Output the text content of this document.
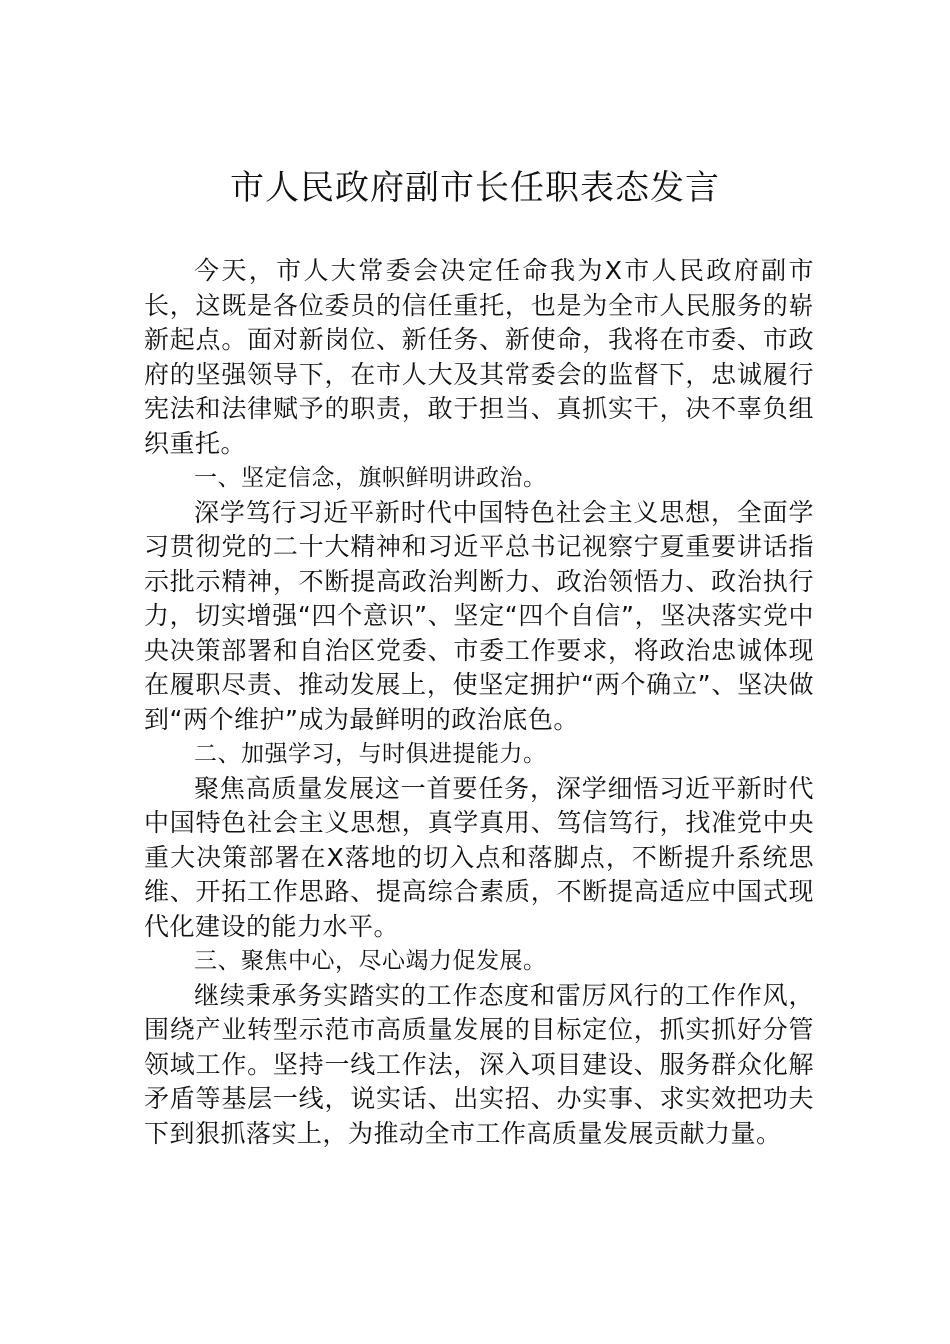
市人民政府副市长任职表态发言

今天，市人大常委会决定任命我为X市人民政府副市长，这既是各位委员的信任重托，也是为全市人民服务的崭新起点。面对新岗位、新任务、新使命，我将在市委、市政府的坚强领导下，在市人大及其常委会的监督下，忠诚履行宪法和法律赋予的职责，敢于担当、真抓实干，决不辜负组织重托。

一、坚定信念，旗帜鲜明讲政治。

深学笃行习近平新时代中国特色社会主义思想，全面学习贯彻党的二十大精神和习近平总书记视察宁夏重要讲话指示批示精神，不断提高政治判断力、政治领悟力、政治执行力，切实增强“四个意识”、坚定“四个自信”，坚决落实党中央决策部署和自治区党委、市委工作要求，将政治忠诚体现在履职尽责、推动发展上，使坚定拥护“两个确立”、坚决做到“两个维护”成为最鲜明的政治底色。

二、加强学习，与时俱进提能力。

聚焦高质量发展这一首要任务，深学细悟习近平新时代中国特色社会主义思想，真学真用、笃信笃行，找准党中央重大决策部署在X落地的切入点和落脚点，不断提升系统思维、开拓工作思路、提高综合素质，不断提高适应中国式现代化建设的能力水平。

三、聚焦中心，尽心竭力促发展。

继续秉承务实踏实的工作态度和雷厉风行的工作作风，围绕产业转型示范市高质量发展的目标定位，抓实抓好分管领域工作。坚持一线工作法，深入项目建设、服务群众化解矛盾等基层一线，说实话、出实招、办实事、求实效把功夫下到狠抓落实上，为推动全市工作高质量发展贡献力量。
